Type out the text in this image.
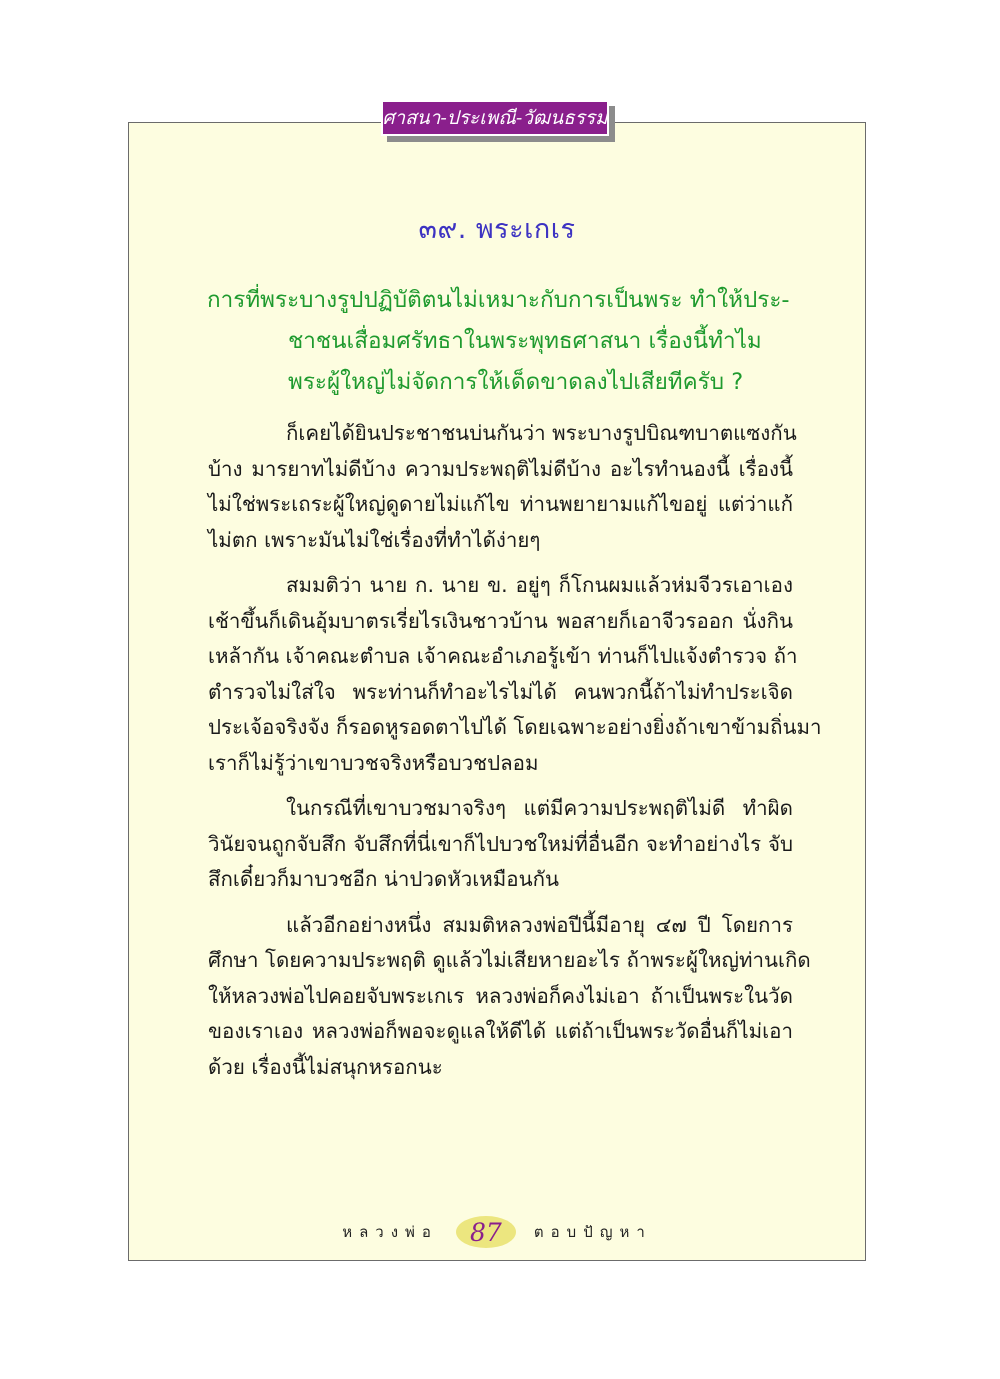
ศาสนา-ประเพณี-วัฒนธรรม
๓๙. พระเกเร
การที่พระบางรูปปฏิบัติตนไม่เหมาะกับการเป็นพระ ทำให้ประ-
ชาชนเสื่อมศรัทธาในพระพุทธศาสนา เรื่องนี้ทำไม
พระผู้ใหญ่ไม่จัดการให้เด็ดขาดลงไปเสียทีครับ ?
ก็เคยได้ยินประชาชนบ่นกันว่า พระบางรูปบิณฑบาตแซงกัน
บ้าง มารยาทไม่ดีบ้าง ความประพฤติไม่ดีบ้าง อะไรทำนองนี้ เรื่องนี้
ไม่ใช่พระเถระผู้ใหญ่ดูดายไม่แก้ไข ท่านพยายามแก้ไขอยู่ แต่ว่าแก้
ไม่ตก เพราะมันไม่ใช่เรื่องที่ทำได้ง่ายๆ
สมมติว่า นาย ก. นาย ข. อยู่ๆ ก็โกนผมแล้วห่มจีวรเอาเอง
เช้าขึ้นก็เดินอุ้มบาตรเรี่ยไรเงินชาวบ้าน พอสายก็เอาจีวรออก นั่งกิน
เหล้ากัน เจ้าคณะตำบล เจ้าคณะอำเภอรู้เข้า ท่านก็ไปแจ้งตำรวจ ถ้า
ตำรวจไม่ใส่ใจ พระท่านก็ทำอะไรไม่ได้ คนพวกนี้ถ้าไม่ทำประเจิด
ประเจ้อจริงจัง ก็รอดหูรอดตาไปได้ โดยเฉพาะอย่างยิ่งถ้าเขาข้ามถิ่นมา
เราก็ไม่รู้ว่าเขาบวชจริงหรือบวชปลอม
ในกรณีที่เขาบวชมาจริงๆ แต่มีความประพฤติไม่ดี ทำผิด
วินัยจนถูกจับสึก จับสึกที่นี่เขาก็ไปบวชใหม่ที่อื่นอีก จะทำอย่างไร จับ
สึกเดี๋ยวก็มาบวชอีก น่าปวดหัวเหมือนกัน
แล้วอีกอย่างหนึ่ง สมมติหลวงพ่อปีนี้มีอายุ ๔๗ ปี โดยการ
ศึกษา โดยความประพฤติ ดูแล้วไม่เสียหายอะไร ถ้าพระผู้ใหญ่ท่านเกิด
ให้หลวงพ่อไปคอยจับพระเกเร หลวงพ่อก็คงไม่เอา ถ้าเป็นพระในวัด
ของเราเอง หลวงพ่อก็พอจะดูแลให้ดีได้ แต่ถ้าเป็นพระวัดอื่นก็ไม่เอา
ด้วย เรื่องนี้ไม่สนุกหรอกนะ
หลวงพ่อ	87	ตอบปัญหา
